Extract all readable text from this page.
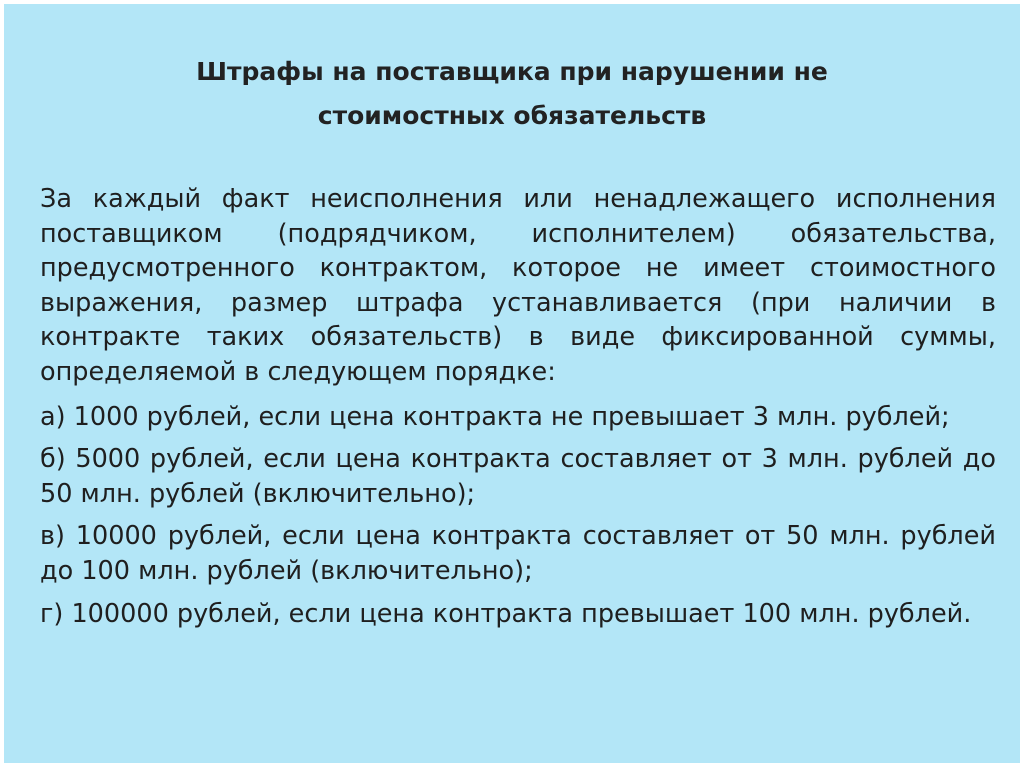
Штрафы на поставщика при нарушении не
стоимостных обязательств

За каждый факт неисполнения или ненадлежащего исполнения поставщиком (подрядчиком, исполнителем) обязательства, предусмотренного контрактом, которое не имеет стоимостного выражения, размер штрафа устанавливается (при наличии в контракте таких обязательств) в виде фиксированной суммы, определяемой в следующем порядке:

а) 1000 рублей, если цена контракта не превышает 3 млн. рублей;

б) 5000 рублей, если цена контракта составляет от 3 млн. рублей до 50 млн. рублей (включительно);

в) 10000 рублей, если цена контракта составляет от 50 млн. рублей до 100 млн. рублей (включительно);

г) 100000 рублей, если цена контракта превышает 100 млн. рублей.
